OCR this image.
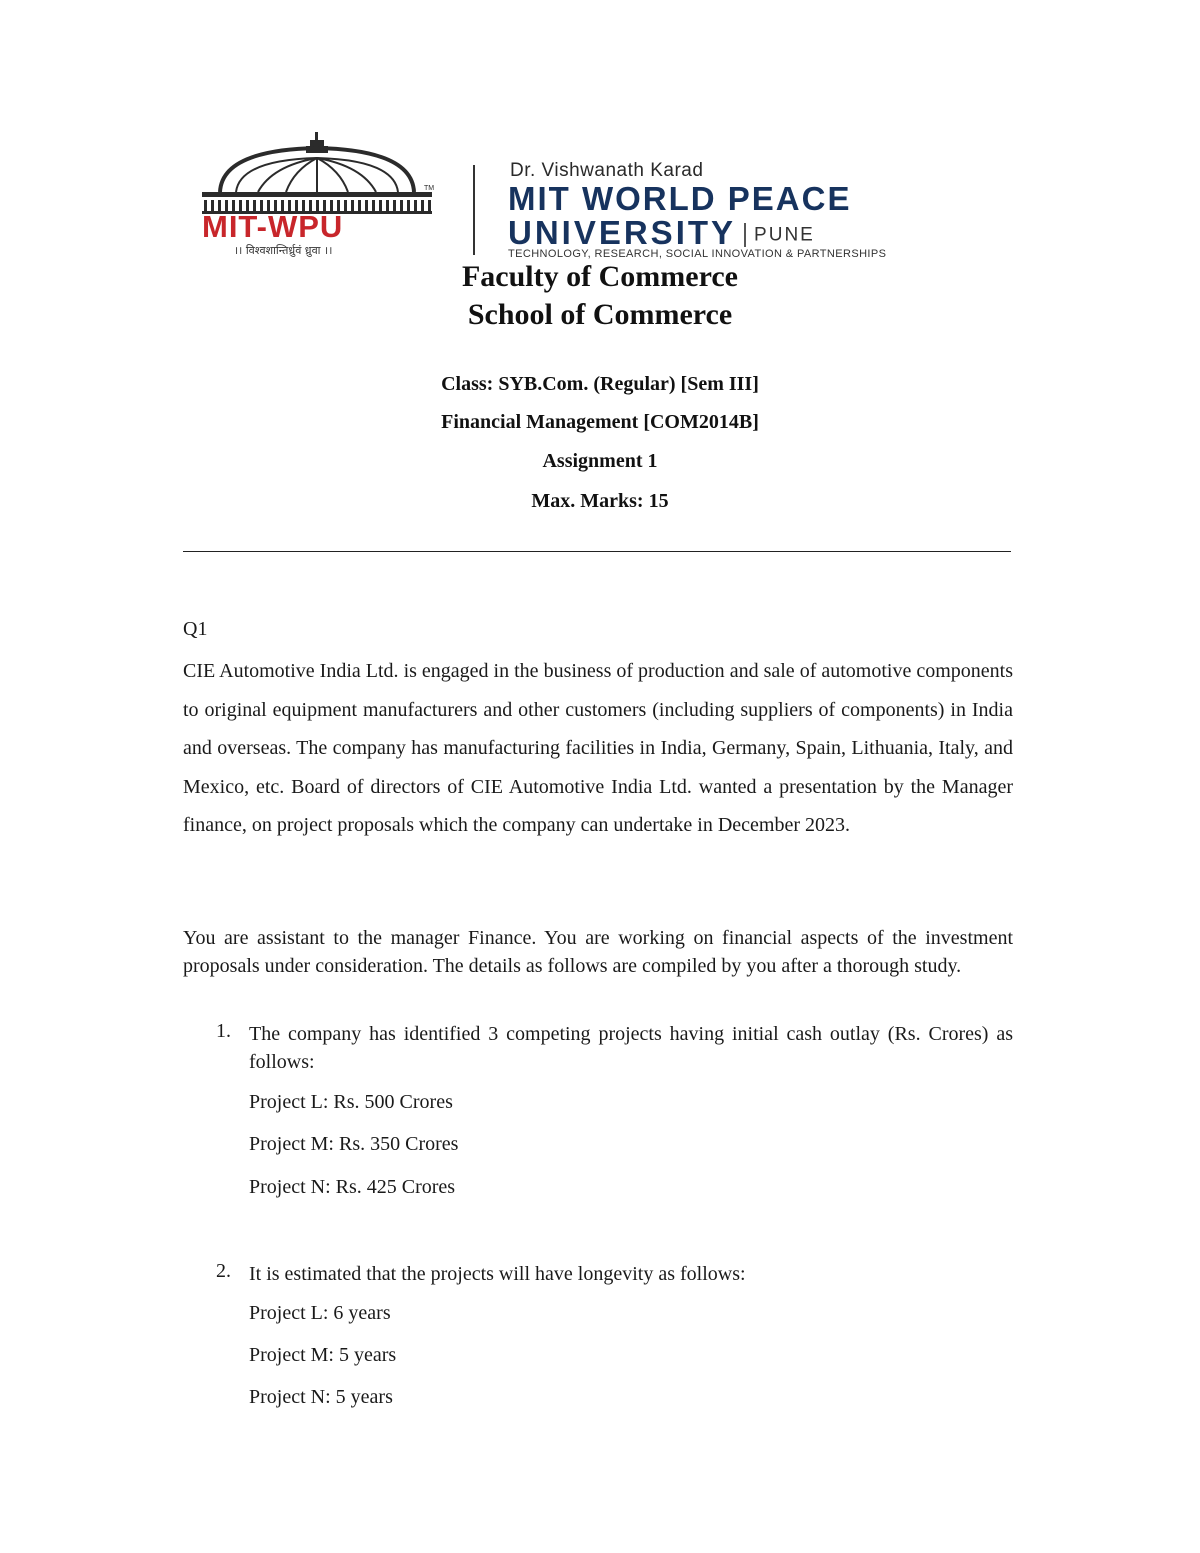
TM
MIT-WPU
।। विश्वशान्तिर्ध्रुवं ध्रुवा ।।
Dr. Vishwanath Karad
MIT WORLD PEACE
UNIVERSITY PUNE
TECHNOLOGY, RESEARCH, SOCIAL INNOVATION & PARTNERSHIPS
Faculty of Commerce
School of Commerce
Class: SYB.Com. (Regular) [Sem III]
Financial Management [COM2014B]
Assignment 1
Max. Marks: 15
Q1
CIE Automotive India Ltd. is engaged in the business of production and sale of automotive components to original equipment manufacturers and other customers (including suppliers of components) in India and overseas. The company has manufacturing facilities in India, Germany, Spain, Lithuania, Italy, and Mexico, etc. Board of directors of CIE Automotive India Ltd. wanted a presentation by the Manager finance, on project proposals which the company can undertake in December 2023.
You are assistant to the manager Finance. You are working on financial aspects of the investment proposals under consideration. The details as follows are compiled by you after a thorough study.
1. The company has identified 3 competing projects having initial cash outlay (Rs. Crores) as follows:
Project L: Rs. 500 Crores
Project M: Rs. 350 Crores
Project N: Rs. 425 Crores
2. It is estimated that the projects will have longevity as follows:
Project L: 6 years
Project M: 5 years
Project N: 5 years
